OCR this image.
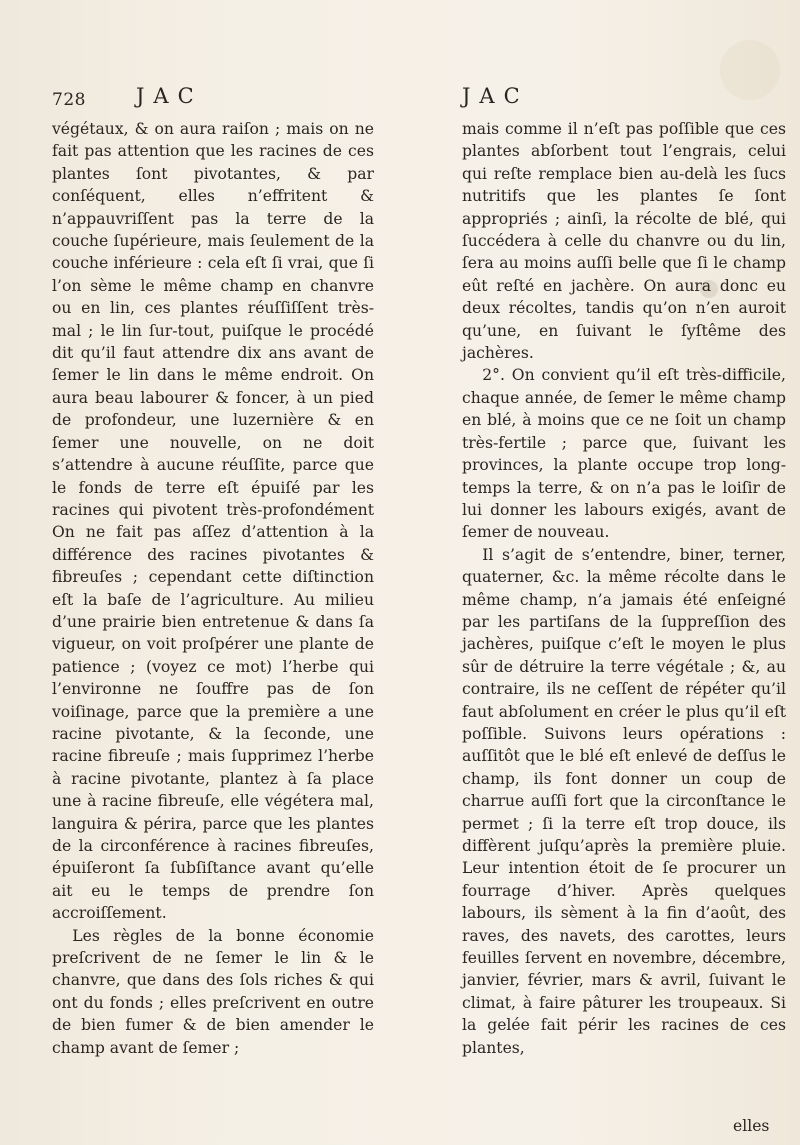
728 JAC	JAC

végétaux, & on aura raiſon ; mais on ne fait pas attention que les racines de ces plantes ſont pivotantes, & par conſéquent, elles n’effritent & n’appauvriſſent pas la terre de la couche ſupérieure, mais ſeulement de la couche inférieure : cela eſt ſi vrai, que ſi l’on sème le même champ en chanvre ou en lin, ces plantes réuſſiſſent très-mal ; le lin ſur-tout, puiſque le procédé dit qu’il faut attendre dix ans avant de ſemer le lin dans le même endroit. On aura beau labourer & foncer, à un pied de profondeur, une luzernière & en ſemer une nouvelle, on ne doit s’attendre à aucune réuſſite, parce que le fonds de terre eſt épuiſé par les racines qui pivotent très-profondément On ne fait pas aſſez d’attention à la différence des racines pivotantes & fibreuſes ; cependant cette diſtinction eſt la baſe de l’agriculture. Au milieu d’une prairie bien entretenue & dans ſa vigueur, on voit proſpérer une plante de patience ; (voyez ce mot) l’herbe qui l’environne ne ſouffre pas de ſon voiſinage, parce que la première a une racine pivotante, & la ſeconde, une racine fibreuſe ; mais ſupprimez l’herbe à racine pivotante, plantez à ſa place une à racine fibreuſe, elle végétera mal, languira & périra, parce que les plantes de la circonférence à racines fibreuſes, épuiſeront ſa ſubſiſtance avant qu’elle ait eu le temps de prendre ſon accroiſſement.

Les règles de la bonne économie preſcrivent de ne ſemer le lin & le chanvre, que dans des ſols riches & qui ont du fonds ; elles preſcrivent en outre de bien fumer & de bien amender le champ avant de ſemer ;

mais comme il n’eſt pas poſſible que ces plantes abſorbent tout l’engrais, celui qui reſte remplace bien au-delà les ſucs nutritifs que les plantes ſe ſont appropriés ; ainſi, la récolte de blé, qui ſuccédera à celle du chanvre ou du lin, ſera au moins auſſi belle que ſi le champ eût reſté en jachère. On aura donc eu deux récoltes, tandis qu’on n’en auroit qu’une, en ſuivant le ſyſtême des jachères.

2°. On convient qu’il eſt très-difficile, chaque année, de ſemer le même champ en blé, à moins que ce ne ſoit un champ très-fertile ; parce que, ſuivant les provinces, la plante occupe trop long-temps la terre, & on n’a pas le loiſir de lui donner les labours exigés, avant de ſemer de nouveau.

Il s’agit de s’entendre, biner, terner, quaterner, &c. la même récolte dans le même champ, n’a jamais été enſeigné par les partiſans de la ſuppreſſion des jachères, puiſque c’eſt le moyen le plus sûr de détruire la terre végétale ; &, au contraire, ils ne ceſſent de répéter qu’il faut abſolument en créer le plus qu’il eſt poſſible. Suivons leurs opérations : auſſitôt que le blé eſt enlevé de deſſus le champ, ils font donner un coup de charrue auſſi fort que la circonſtance le permet ; ſi la terre eſt trop douce, ils diffèrent juſqu’après la première pluie. Leur intention étoit de ſe procurer un fourrage d’hiver. Après quelques labours, ils sèment à la fin d’août, des raves, des navets, des carottes, leurs feuilles ſervent en novembre, décembre, janvier, février, mars & avril, ſuivant le climat, à faire pâturer les troupeaux. Si la gelée fait périr les racines de ces plantes,

elles
